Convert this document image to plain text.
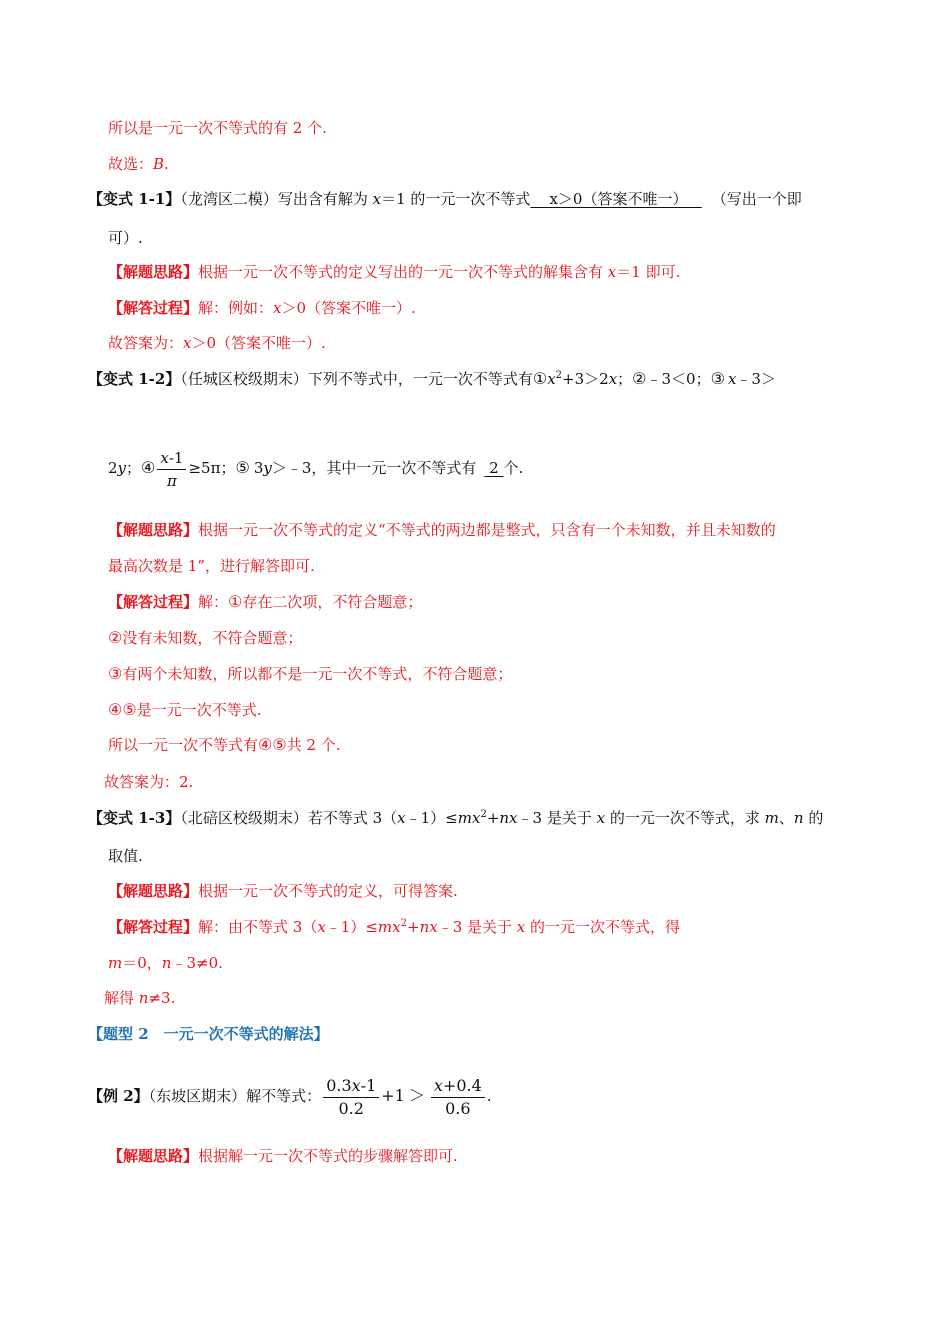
所以是一元一次不等式的有 2 个.
故选：B.
【变式 1-1】（龙湾区二模）写出含有解为 x＝1 的一元一次不等式    x＞0（答案不唯一）   （写出一个即
可）.
【解题思路】根据一元一次不等式的定义写出的一元一次不等式的解集含有 x＝1 即可.
【解答过程】解：例如：x＞0（答案不唯一）.
故答案为：x＞0（答案不唯一）.
【变式 1-2】（任城区校级期末）下列不等式中，一元一次不等式有$①x^2+3>2x$；②﹣3＜0；③ x﹣3＞
2y；④ $\frac{x-1}{\pi} \ge 5\pi$；⑤ 3y＞﹣3，其中一元一次不等式有 2 个.
【解题思路】根据一元一次不等式的定义“不等式的两边都是整式，只含有一个未知数，并且未知数的
最高次数是 1”，进行解答即可.
【解答过程】解：①存在二次项，不符合题意；
②没有未知数，不符合题意；
③有两个未知数，所以都不是一元一次不等式，不符合题意；
④⑤是一元一次不等式.
所以一元一次不等式有④⑤共 2 个.
故答案为：2.
【变式 1-3】（北碚区校级期末）若不等式 $3(x﹣1)\le mx^2+nx﹣3$ 是关于 x 的一元一次不等式，求 m、n 的
取值.
【解题思路】根据一元一次不等式的定义，可得答案.
【解答过程】解：由不等式 $3(x﹣1)\le mx^2+nx﹣3$ 是关于 x 的一元一次不等式，得
m＝0，n﹣3≠0.
解得 n≠3.
【题型 2　一元一次不等式的解法】
【例 2】（东坡区期末）解不等式： $\frac{0.3x-1}{0.2} +1 > \frac{x+0.4}{0.6}$ .
【解题思路】根据解一元一次不等式的步骤解答即可.
